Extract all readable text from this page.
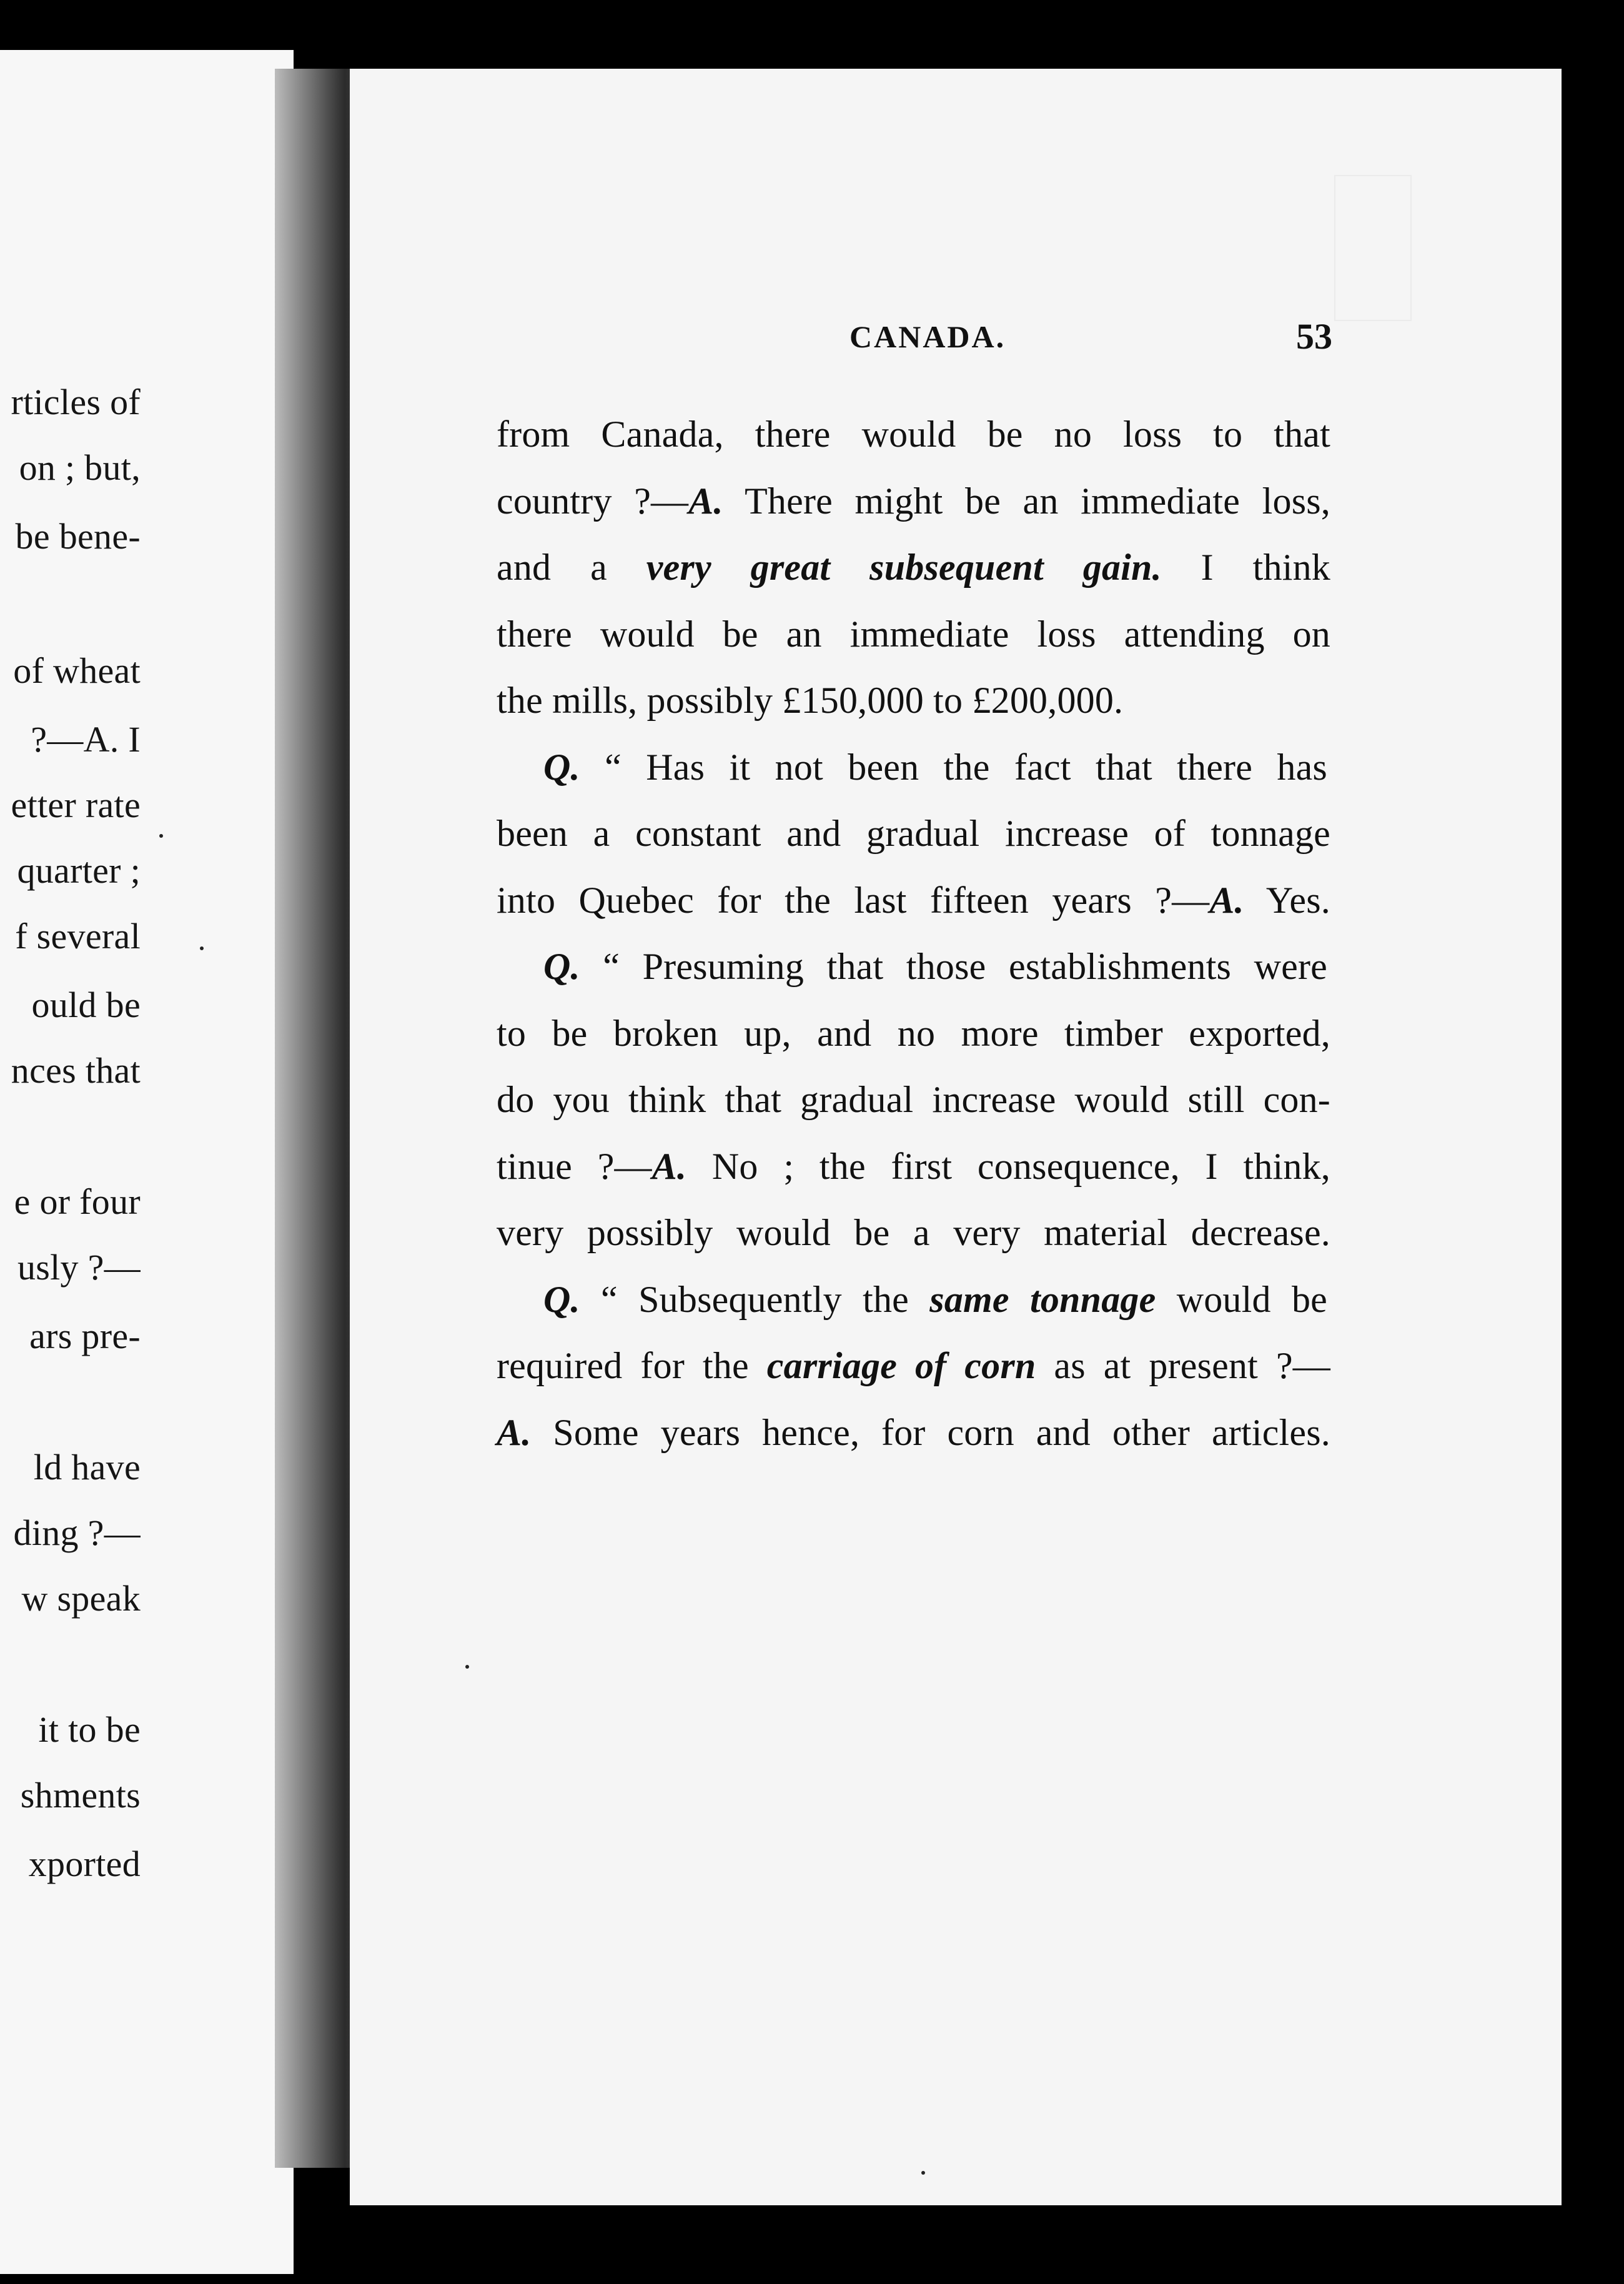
CANADA.	53
from Canada, there would be no loss to that
country ?—A. There might be an immediate loss,
and a very great subsequent gain. I think
there would be an immediate loss attending on
the mills, possibly £150,000 to £200,000.
Q. “ Has it not been the fact that there has
been a constant and gradual increase of tonnage
into Quebec for the last fifteen years ?—A. Yes.
Q. “ Presuming that those establishments were
to be broken up, and no more timber exported,
do you think that gradual increase would still con-
tinue ?—A. No ; the first consequence, I think,
very possibly would be a very material decrease.
Q. “ Subsequently the same tonnage would be
required for the carriage of corn as at present ?—
A. Some years hence, for corn and other articles.
rticles of
on ; but,
be bene-
of wheat
?—A. I
etter rate
quarter ;
f several
ould be
nces that
e or four
usly ?—
ars pre-
ld have
ding ?—
w speak
it to be
shments
xported
